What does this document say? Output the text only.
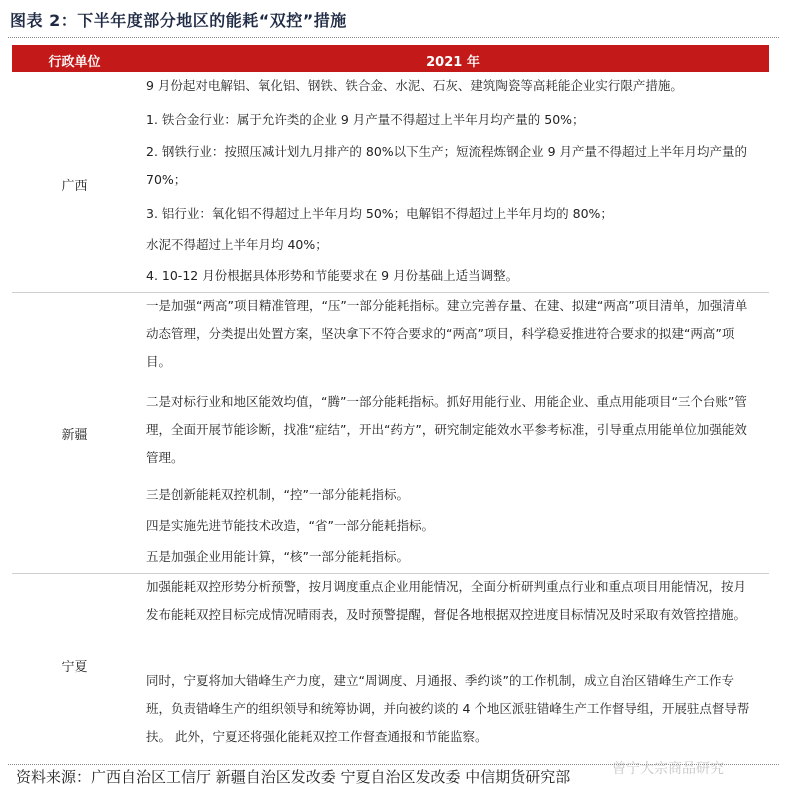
图表 2：下半年度部分地区的能耗“双控”措施
行政单位	2021 年
广西

9 月份起对电解铝、氧化铝、钢铁、铁合金、水泥、石灰、建筑陶瓷等高耗能企业实行限产措施。

1. 铁合金行业：属于允许类的企业 9 月产量不得超过上半年月均产量的 50%；

2. 钢铁行业：按照压减计划九月排产的 80%以下生产；短流程炼钢企业 9 月产量不得超过上半年月均产量的 70%；

3. 铝行业：氧化铝不得超过上半年月均 50%；电解铝不得超过上半年月均的 80%；

水泥不得超过上半年月均 40%；

4. 10-12 月份根据具体形势和节能要求在 9 月份基础上适当调整。

新疆

一是加强“两高”项目精准管理，“压”一部分能耗指标。建立完善存量、在建、拟建“两高”项目清单，加强清单动态管理，分类提出处置方案，坚决拿下不符合要求的“两高”项目，科学稳妥推进符合要求的拟建“两高”项目。

二是对标行业和地区能效均值，“腾”一部分能耗指标。抓好用能行业、用能企业、重点用能项目“三个台账”管理，全面开展节能诊断，找准“症结”，开出“药方”，研究制定能效水平参考标准，引导重点用能单位加强能效管理。

三是创新能耗双控机制，“控”一部分能耗指标。

四是实施先进节能技术改造，“省”一部分能耗指标。

五是加强企业用能计算，“核”一部分能耗指标。

宁夏

加强能耗双控形势分析预警，按月调度重点企业用能情况，全面分析研判重点行业和重点项目用能情况，按月发布能耗双控目标完成情况晴雨表，及时预警提醒，督促各地根据双控进度目标情况及时采取有效管控措施。

同时，宁夏将加大错峰生产力度，建立“周调度、月通报、季约谈”的工作机制，成立自治区错峰生产工作专班，负责错峰生产的组织领导和统筹协调，并向被约谈的 4 个地区派驻错峰生产工作督导组，开展驻点督导帮扶。 此外，宁夏还将强化能耗双控工作督查通报和节能监察。

资料来源：广西自治区工信厅 新疆自治区发改委 宁夏自治区发改委 中信期货研究部	曾宁大宗商品研究
